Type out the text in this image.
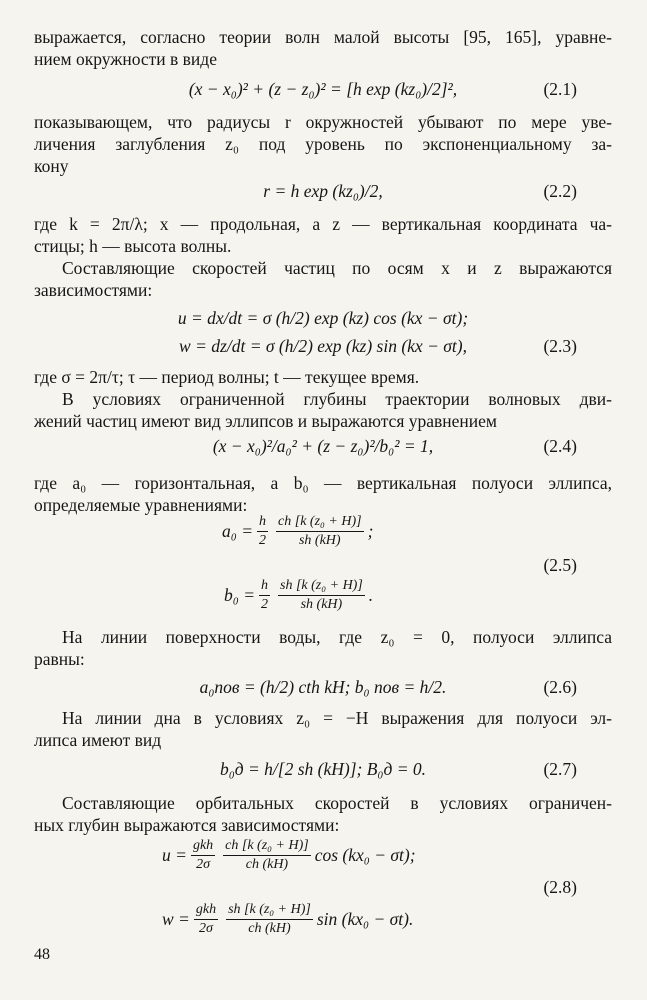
выражается, согласно теории волн малой высоты [95, 165], уравне-
нием окружности в виде
(x − x₀)² + (z − z₀)² = [h exp (kz₀)/2]²,	(2.1)
показывающем, что радиусы r окружностей убывают по мере уве-
личения заглубления z₀ под уровень по экспоненциальному за-
кону
r = h exp (kz₀)/2,	(2.2)
где k = 2π/λ; x — продольная, а z — вертикальная координата ча-
стицы; h — высота волны.
Составляющие скоростей частиц по осям x и z выражаются
зависимостями:
u = dx/dt = σ (h/2) exp (kz) cos (kx − σt);
w = dz/dt = σ (h/2) exp (kz) sin (kx − σt),	(2.3)
где σ = 2π/τ; τ — период волны; t — текущее время.
В условиях ограниченной глубины траектории волновых дви-
жений частиц имеют вид эллипсов и выражаются уравнением
(x − x₀)²/a₀² + (z − z₀)²/b₀² = 1,	(2.4)
где a₀ — горизонтальная, а b₀ — вертикальная полуоси эллипса,
определяемые уравнениями:
$a_0 = \frac{h}{2} \frac{\text{ch [k (z₀ + H)]}}{sh (kH)}$ ;
(2.5)
$b_0 = \frac{h}{2} \frac{\text{sh [k (z₀ + H)]}}{sh (kH)}$ .
На линии поверхности воды, где z₀ = 0, полуоси эллипса
равны:
a₀пов = (h/2) cth kH; b₀ пов = h/2.	(2.6)
На линии дна в условиях z₀ = −H выражения для полуоси эл-
липса имеют вид
b₀д = h/[2 sh (kH)]; B₀д = 0.	(2.7)
Составляющие орбитальных скоростей в условиях ограничен-
ных глубин выражаются зависимостями:
u = gkh
$2\sigma \frac{\text{ch [k (z₀ + H)]}}{ch (kH)}$ cos (kx₀ − σt);
(2.8)
w = gkh
$2\sigma \frac{\text{sh [k (z₀ + H)]}}{ch (kH)}$ sin (kx₀ − σt).
48
